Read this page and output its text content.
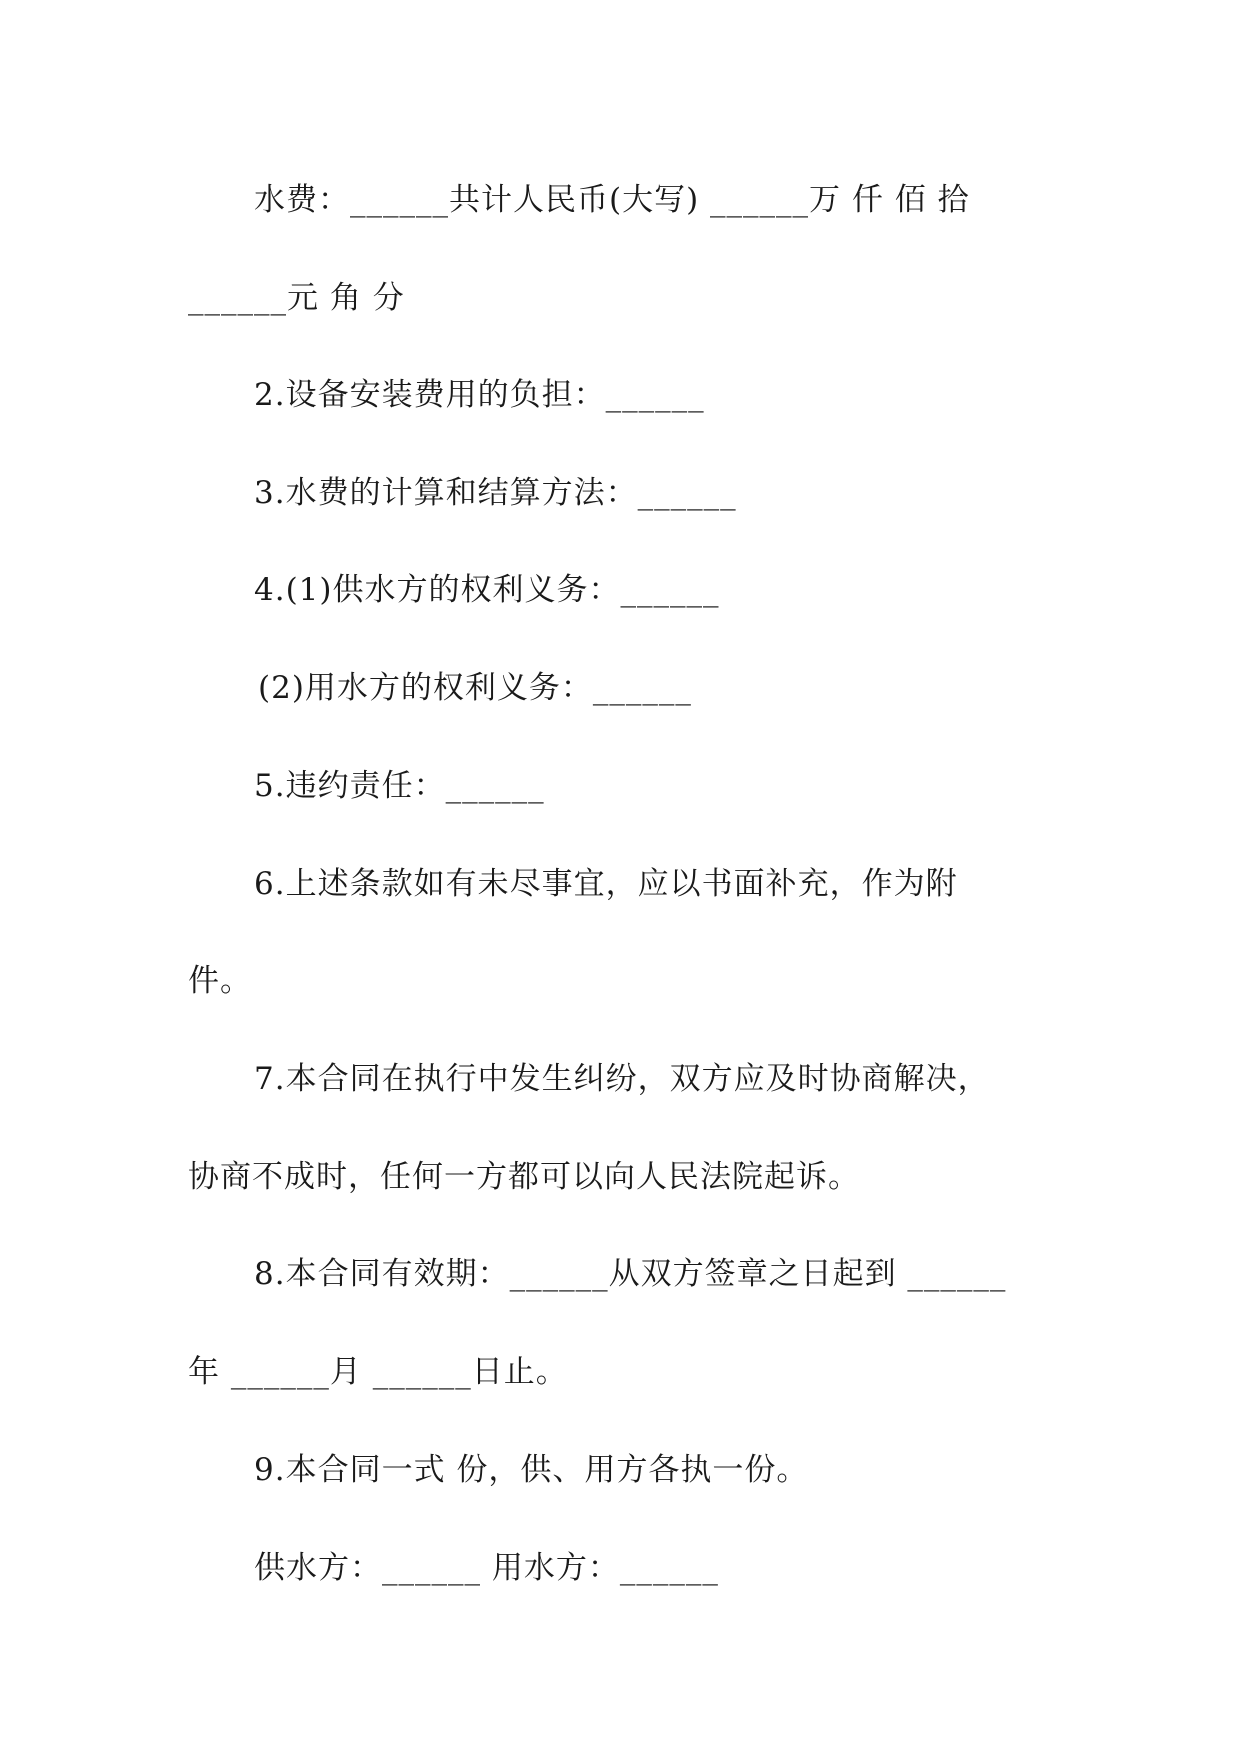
水费：______共计人民币(大写) ______万 仟 佰 拾
______元 角 分
2.设备安装费用的负担：______
3.水费的计算和结算方法：______
4.(1)供水方的权利义务：______
(2)用水方的权利义务：______
5.违约责任：______
6.上述条款如有未尽事宜，应以书面补充，作为附
件。
7.本合同在执行中发生纠纷，双方应及时协商解决，
协商不成时，任何一方都可以向人民法院起诉。
8.本合同有效期：______从双方签章之日起到 ______
年 ______月 ______日止。
9.本合同一式 份，供、用方各执一份。
供水方：______ 用水方：______
